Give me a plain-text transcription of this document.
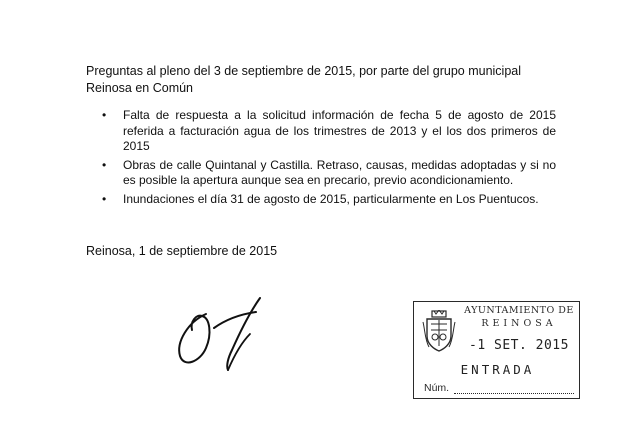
Preguntas al pleno del 3 de septiembre de 2015, por parte del grupo municipal
Reinosa en Común
• Falta de respuesta a la solicitud información de fecha 5 de agosto de 2015 referida a facturación agua de los trimestres de 2013 y el los dos primeros de 2015
• Obras de calle Quintanal y Castilla. Retraso, causas, medidas adoptadas y si no es posible la apertura aunque sea en precario, previo acondicionamiento.
• Inundaciones el día 31 de agosto de 2015, particularmente en Los Puentucos.
Reinosa, 1 de septiembre de 2015
AYUNTAMIENTO DE
REINOSA
-1 SET. 2015
ENTRADA
Núm.
